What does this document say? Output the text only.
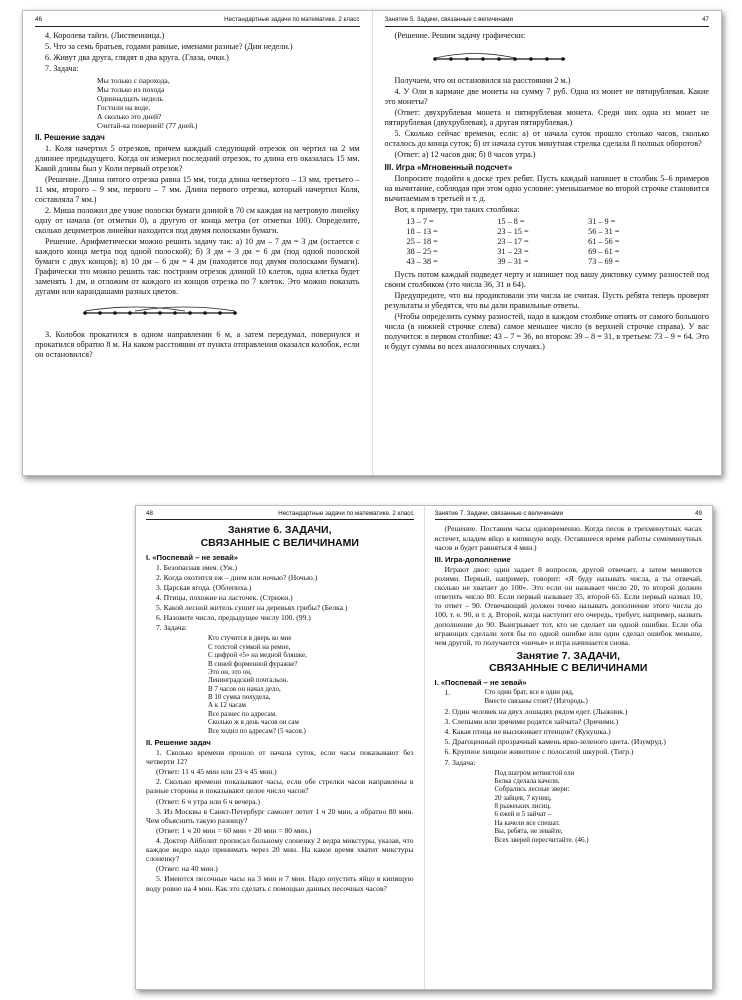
46	Нестандартные задачи по математике. 2 класс

4. Королева тайги. (Лиственница.)

5. Что за семь братьев, годами равные, именами разные? (Дни недели.)

6. Живут два друга, глядят в два круга. (Глаза, очки.)

7. Задача:

Мы только с парохода,
Мы только из похода
Одиннадцать недель
Гостили на воде.
А сколько это дней?
Считай-ка поверней! (77 дней.)
II. Решение задач

1. Коля начертил 5 отрезков, причем каждый следующий отрезок он чертил на 2 мм длиннее предыдущего. Когда он измерил последний отрезок, то длина его оказалась 15 мм. Какой длины был у Коли первый отрезок?

(Решение. Длина пятого отрезка равна 15 мм, тогда длина четвертого – 13 мм, третьего – 11 мм, второго – 9 мм, первого – 7 мм. Длина первого отрезка, который начертил Коля, составляла 7 мм.)

2. Миша положил две узкие полоски бумаги длиной в 70 см каждая на метровую линейку одну от начала (от отметки 0), а другую от конца метра (от отметки 100). Определите, сколько дециметров линейки находится под двумя полосками бумаги.

Решение. Арифметически можно решить задачу так: а) 10 дм – 7 дм = 3 дм (остается с каждого конца метра под одной полоской); б) 3 дм + 3 дм = 6 дм (под одной полоской бумаги с двух концов); в) 10 дм – 6 дм = 4 дм (находятся под двумя полосками бумаги). Графически это можно решить так: построим отрезок длиной 10 клеток, одна клетка будет заменять 1 дм, и отложим от каждого из концов отрезка по 7 клеток. Это можно показать дугами или карандашами разных цветов.

3. Колобок прокатился в одном направлении 6 м, а затем передумал, повернулся и прокатился обратно 8 м. На каком расстоянии от пункта отправления оказался колобок, если он остановился?

Занятие 5. Задачи, связанные с величинами	47

(Решение. Решим задачу графически:

Получаем, что он остановился на расстоянии 2 м.)

4. У Оли в кармане две монеты на сумму 7 руб. Одна из монет не пятирублевая. Какие это монеты?

(Ответ: двухрублевая монета и пятирублевая монета. Среди них одна из монет не пятирублевая (двухрублевая), а другая пятирублевая.)

5. Сколько сейчас времени, если: а) от начала суток прошло столько часов, сколько осталось до конца суток; б) от начала суток минутная стрелка сделала 8 полных оборотов?

(Ответ: а) 12 часов дня; б) 8 часов утра.)

III. Игра «Мгновенный подсчет»

Попросите подойти к доске трех ребят. Пусть каждый напишет в столбик 5–6 примеров на вычитание, соблюдая при этом одно условие: уменьшаемое во второй строчке становится вычитаемым в третьей и т. д.

Вот, к примеру, три таких столбика:

13 – 7 =	15 – 8 =	31 – 9 =
18 – 13 =	23 – 15 =	56 – 31 =
25 – 18 =	23 – 17 =	61 – 56 =
38 – 25 =	31 – 23 =	69 – 61 =
43 – 38 =	39 – 31 =	73 – 69 =

Пусть потом каждый подведет черту и напишет под вашу диктовку сумму разностей под своим столбиком (это числа 36, 31 и 64).

Предупредите, что вы продиктовали эти числа не считая. Пусть ребята теперь проверят результаты и убедятся, что вы дали правильные ответы.

(Чтобы определить сумму разностей, надо в каждом столбике отнять от самого большого числа (в нижней строчке слева) самое меньшее число (в верхней строчке справа). У вас получится: в первом столбике: 43 – 7 = 36, во втором: 39 – 8 = 31, в третьем: 73 – 9 = 64. Это и будут суммы во всех аналогичных случаях.)

48	Нестандартные задачи по математике. 2 класс
Занятие 6. ЗАДАЧИ,
СВЯЗАННЫЕ С ВЕЛИЧИНАМИ
I. «Поспевай – не зевай»

1. Безопасная змея. (Уж.)

2. Когда охотится еж – днем или ночью? (Ночью.)

3. Царская ягода. (Облепиха.)

4. Птицы, похожие на ласточек. (Стрижи.)

5. Какой лесной житель сушит на деревьях грибы? (Белка.)

6. Назовите число, предыдущее числу 100. (99.)

7. Задача:

Кто стучится в дверь ко мне
С толстой сумкой на ремне,
С цифрой «5» на медной бляшке,
В синей форменной фуражке?
Это он, это он,
Ленинградский почтальон.
В 7 часов он начал дело,
В 10 сумка похудела,
А к 12 часам
Все разнес по адресам.
Сколько ж в день часов он сам
Все ходил по адресам? (5 часов.)
II. Решение задач

1. Сколько времени прошло от начала суток, если часы показывают без четверти 12?

(Ответ: 11 ч 45 мин или 23 ч 45 мин.)

2. Сколько времени показывают часы, если обе стрелки часов направлены в разные стороны и показывают целое число часов?

(Ответ: 6 ч утра или 6 ч вечера.)

3. Из Москвы в Санкт-Петербург самолет летит 1 ч 20 мин, а обратно 80 мин. Чем объяснить такую разницу?

(Ответ: 1 ч 20 мин = 60 мин + 20 мин = 80 мин.)

4. Доктор Айболит прописал больному слоненку 2 ведра микстуры, указав, что каждое ведро надо принимать через 20 мин. На какое время хватит микстуры слоненку?

(Ответ: на 40 мин.)

5. Имеются песочные часы на 3 мин и 7 мин. Надо опустить яйцо в кипящую воду ровно на 4 мин. Как это сделать с помощью данных песочных часов?

Занятие 7. Задачи, связанные с величинами	49

(Решение. Поставим часы одновременно. Когда песок в трехминутных часах истечет, кладем яйцо в кипящую воду. Оставшееся время работы семиминутных часов и будет равняться 4 мин.)

III. Игра-дополнение

Играют двое: один задает 8 вопросов, другой отвечает, а затем меняются ролями. Первый, например, говорит: «Я буду называть числа, а ты отвечай, сколько не хватает до 100». Это если он называет число 20, то второй должен ответить число 80. Если первый называет 35, второй 65. Если первый назвал 10, то ответ – 90. Отвечающий должен точно называть дополнение этого числа до 100, т. е. 90, и т. д. Второй, когда наступит его очередь, требует, например, назвать дополнение до 90. Выигрывает тот, кто не сделает ни одной ошибки. Если оба играющих сделали хотя бы по одной ошибке или один сделал ошибок меньше, чем другой, то получается «ничья» и игра начинается снова.

Занятие 7. ЗАДАЧИ,
СВЯЗАННЫЕ С ВЕЛИЧИНАМИ
I. «Поспевай – не зевай»

1.	Сто один брат, все в один ряд,
Вместе связаны стоят? (Изгородь.)

2. Один человек на двух лошадях рядом едет. (Лыжник.)

3. Слепыми или зрячими родятся зайчата? (Зрячими.)

4. Какая птица не высиживает птенцов? (Кукушка.)

5. Драгоценный прозрачный камень ярко-зеленого цвета. (Изумруд.)

6. Крупное хищное животное с полосатой шкурой. (Тигр.)

7. Задача:

Под шатром ветвистой ели
Белка сделала качели.
Собрались лесные звери:
20 зайцев, 7 куниц,
8 рыжеьких лисиц,
6 ежей и 5 зайчат –
На качели все спешат.
Вы, ребята, не зевайте,
Всех зверей пересчитайте. (46.)
